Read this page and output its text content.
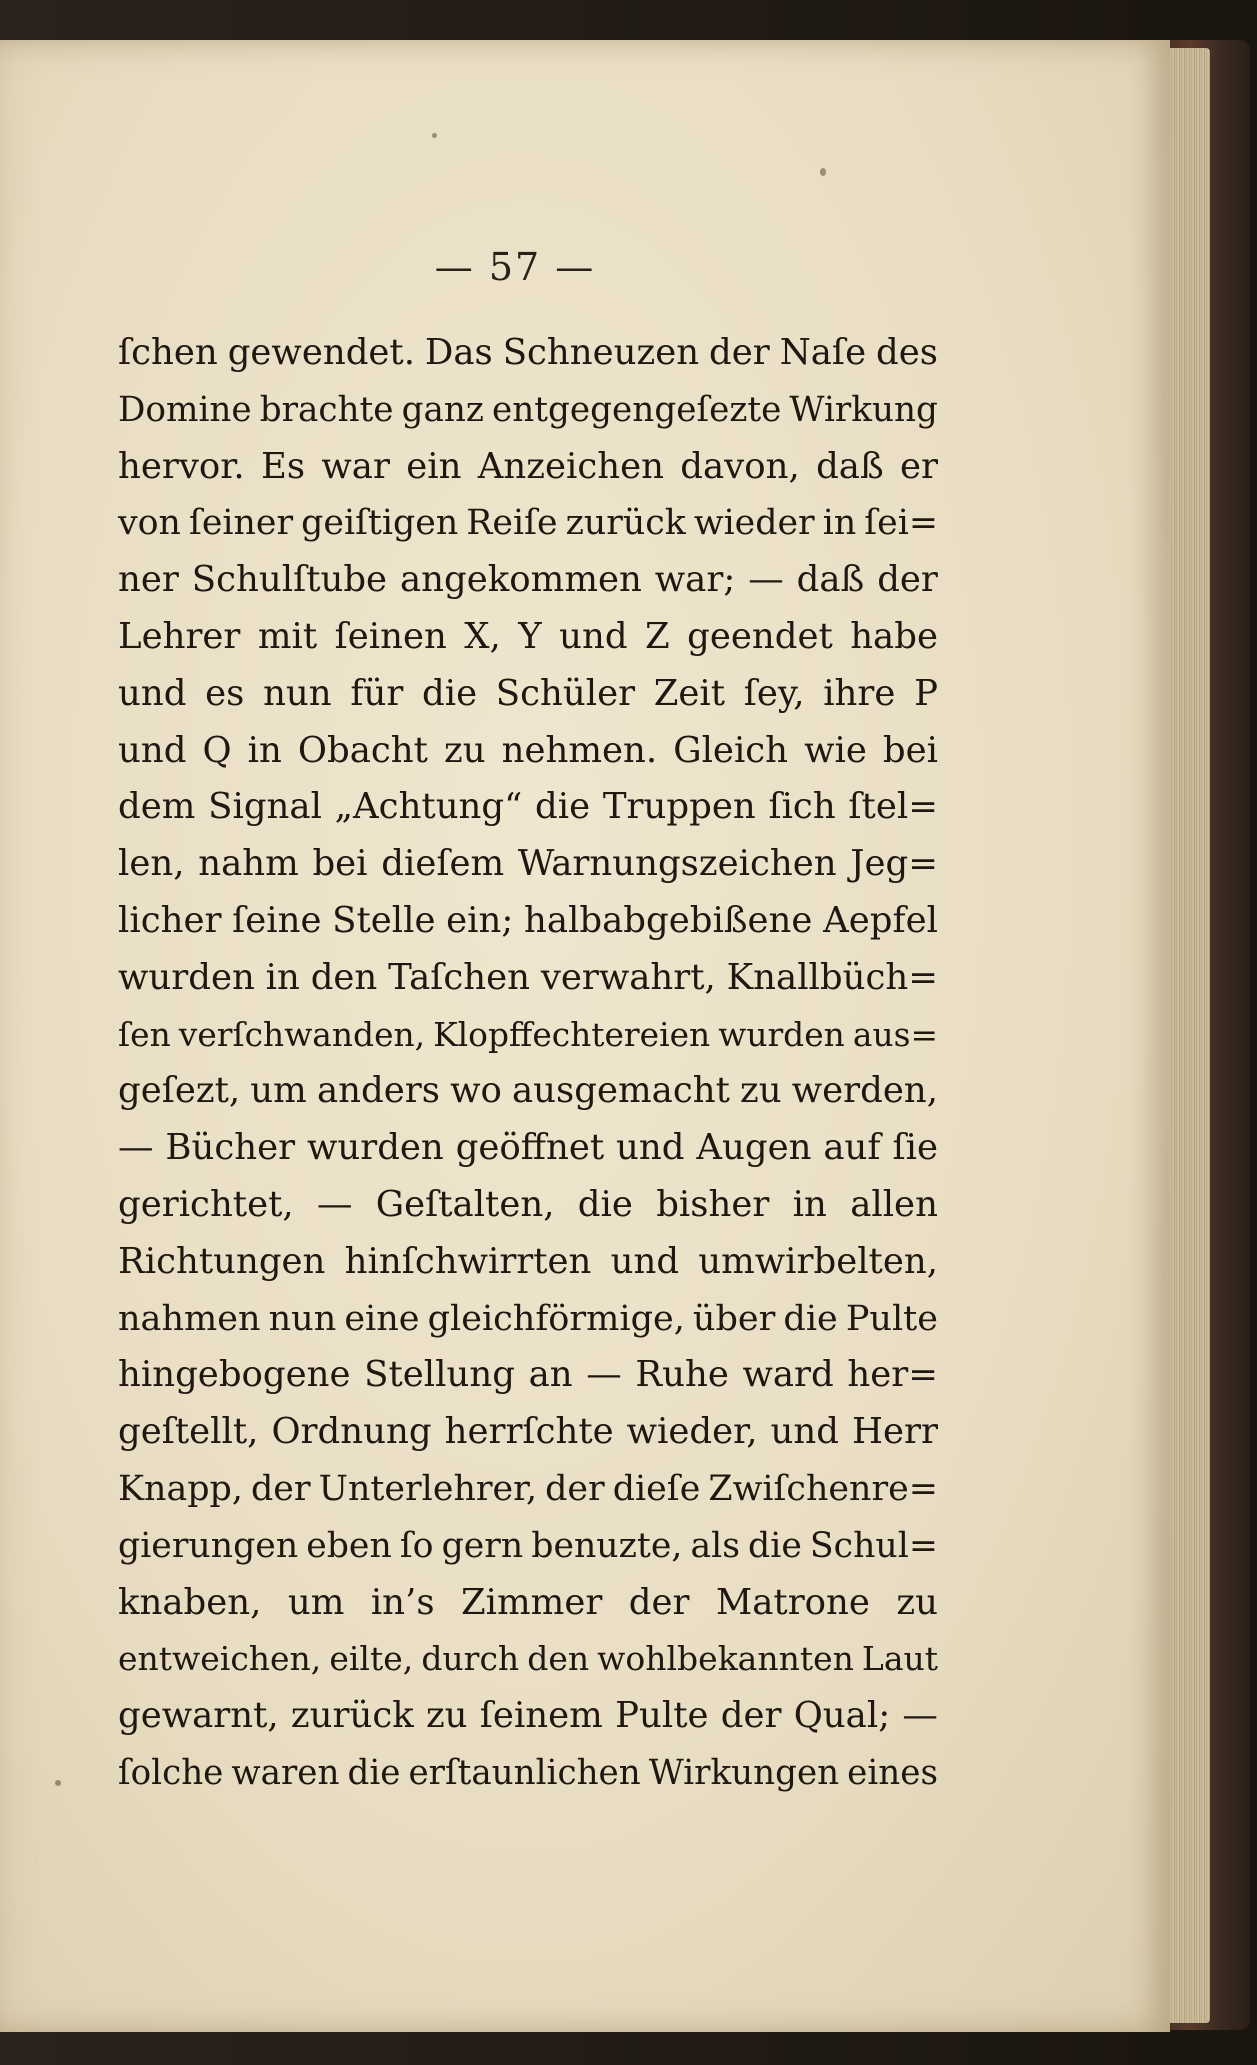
— 57 —
ſchen gewendet. Das Schneuzen der Naſe des
Domine brachte ganz entgegengeſezte Wirkung
hervor. Es war ein Anzeichen davon, daß er
von ſeiner geiſtigen Reiſe zurück wieder in ſei=
ner Schulſtube angekommen war; — daß der
Lehrer mit ſeinen X, Y und Z geendet habe
und es nun für die Schüler Zeit ſey, ihre P
und Q in Obacht zu nehmen. Gleich wie bei
dem Signal „Achtung“ die Truppen ſich ſtel=
len, nahm bei dieſem Warnungszeichen Jeg=
licher ſeine Stelle ein; halbabgebißene Aepfel
wurden in den Taſchen verwahrt, Knallbüch=
ſen verſchwanden, Klopffechtereien wurden aus=
geſezt, um anders wo ausgemacht zu werden,
— Bücher wurden geöffnet und Augen auf ſie
gerichtet, — Geſtalten, die bisher in allen
Richtungen hinſchwirrten und umwirbelten,
nahmen nun eine gleichförmige, über die Pulte
hingebogene Stellung an — Ruhe ward her=
geſtellt, Ordnung herrſchte wieder, und Herr
Knapp, der Unterlehrer, der dieſe Zwiſchenre=
gierungen eben ſo gern benuzte, als die Schul=
knaben, um in’s Zimmer der Matrone zu
entweichen, eilte, durch den wohlbekannten Laut
gewarnt, zurück zu ſeinem Pulte der Qual; —
ſolche waren die erſtaunlichen Wirkungen eines
